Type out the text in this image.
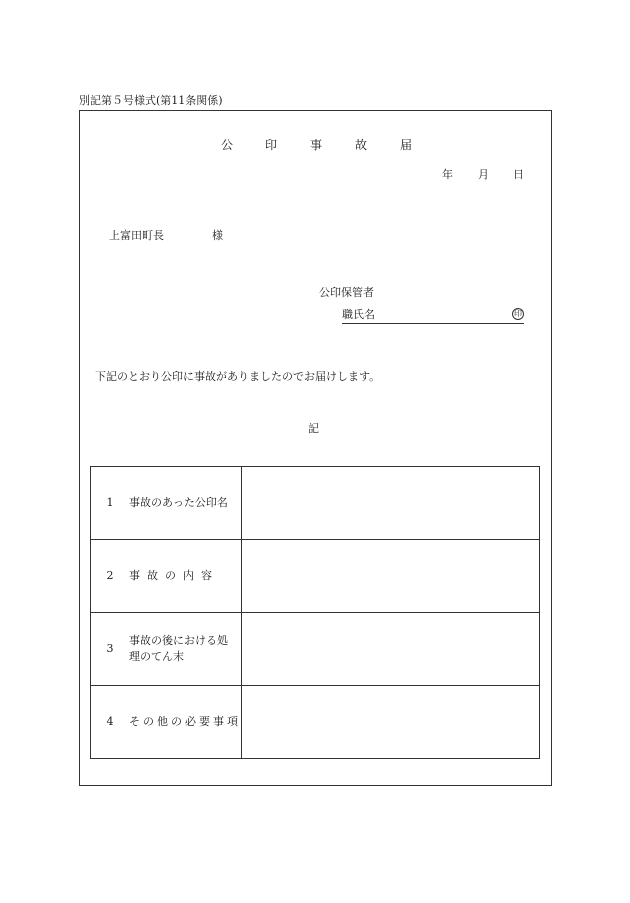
別記第５号様式(第11条関係)
公	印	事	故	届
年 月 日
上富田町長	様
公印保管者
職氏名	印
下記のとおり公印に事故がありましたのでお届けします。
記
1 事故のあった公印名	

2 事故の内容	

3
事故の後における処
理のてん末	

4 その他の必要事項	
